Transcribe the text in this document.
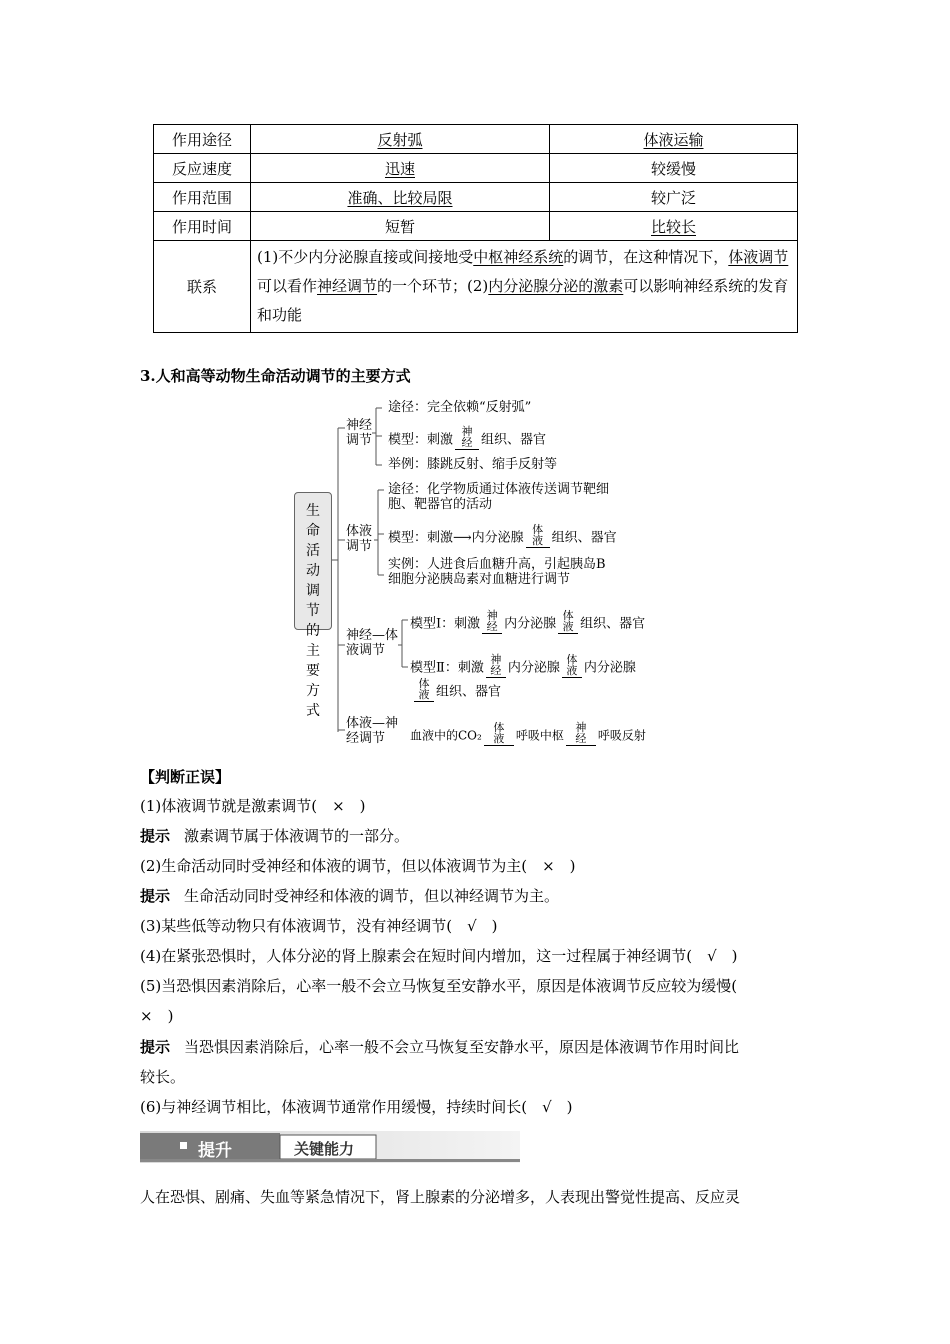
作用途径	反射弧	体液运输
反应速度	迅速	较缓慢
作用范围	准确、比较局限	较广泛
作用时间	短暂	比较长
联系	(1)不少内分泌腺直接或间接地受中枢神经系统的调节，在这种情况下，体液调节可以看作神经调节的一个环节；(2)内分泌腺分泌的激素可以影响神经系统的发育和功能	
3.人和高等动物生命活动调节的主要方式
生命活动调节的主要方式
神经
调节
途径：完全依赖“反射弧”
模型：刺激神经 组织、器官
举例：膝跳反射、缩手反射等
体液
调节
途径：化学物质通过体液传送调节靶细
胞、靶器官的活动
模型：刺激⟶内分泌腺体液 组织、器官
实例：人进食后血糖升高，引起胰岛B
细胞分泌胰岛素对血糖进行调节
神经—体
液调节
模型Ⅰ：刺激神经 内分泌腺体液 组织、器官
模型Ⅱ：刺激神经 内分泌腺体液 内分泌腺
体液 组织、器官
体液—神
经调节	血液中的CO₂体液 呼吸中枢神经 呼吸反射
【判断正误】
(1)体液调节就是激素调节(　×　)
提示 激素调节属于体液调节的一部分。
(2)生命活动同时受神经和体液的调节，但以体液调节为主(　×　)
提示 生命活动同时受神经和体液的调节，但以神经调节为主。
(3)某些低等动物只有体液调节，没有神经调节(　√　)
(4)在紧张恐惧时，人体分泌的肾上腺素会在短时间内增加，这一过程属于神经调节(　√　)
(5)当恐惧因素消除后，心率一般不会立马恢复至安静水平，原因是体液调节反应较为缓慢(
×　)
提示 当恐惧因素消除后，心率一般不会立马恢复至安静水平，原因是体液调节作用时间比
较长。
(6)与神经调节相比，体液调节通常作用缓慢，持续时间长(　√　)
提升	关键能力
人在恐惧、剧痛、失血等紧急情况下，肾上腺素的分泌增多，人表现出警觉性提高、反应灵
